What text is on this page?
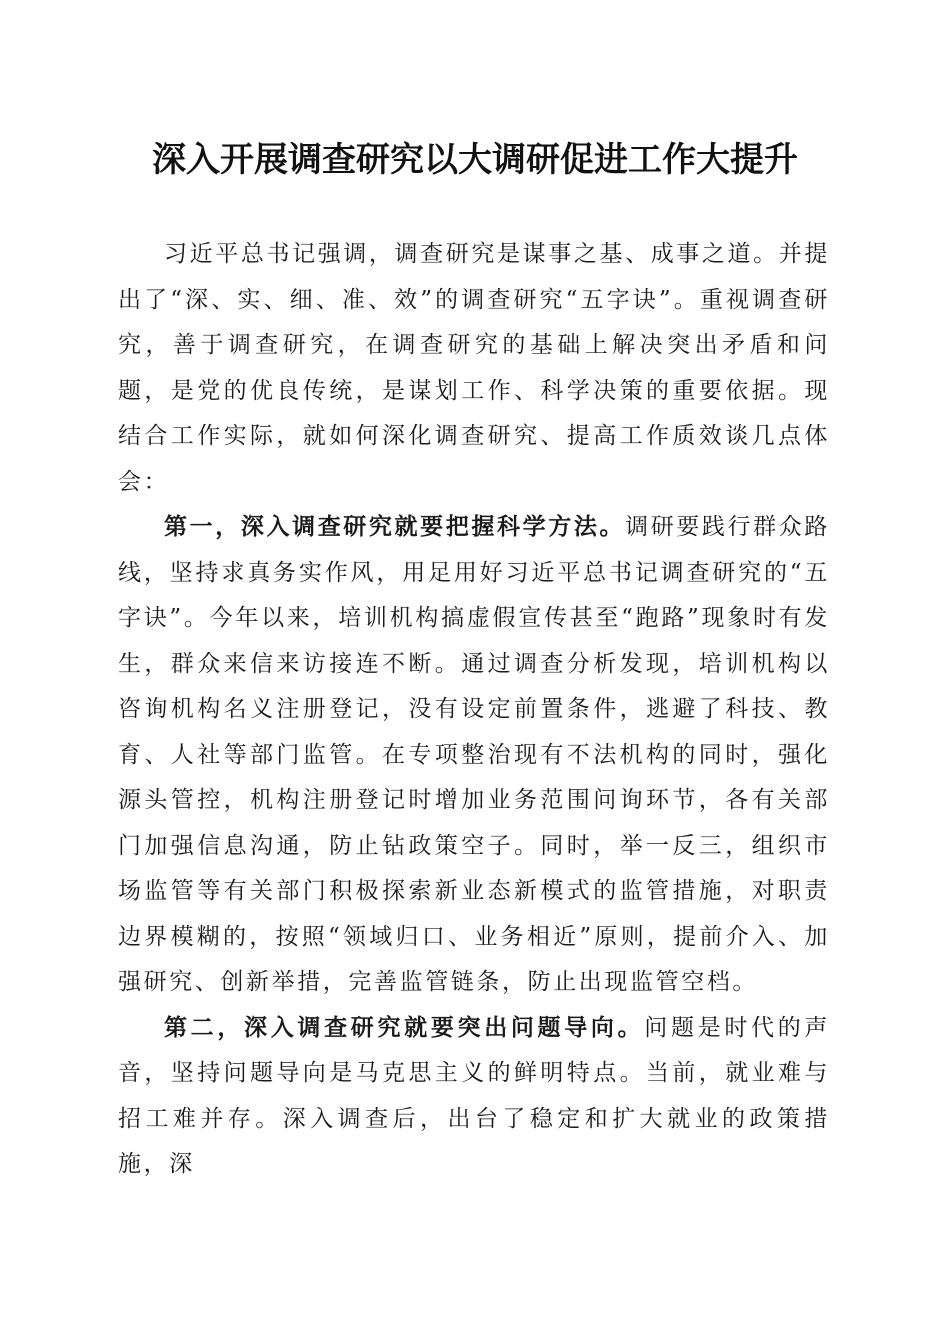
深入开展调查研究以大调研促进工作大提升

习近平总书记强调，调查研究是谋事之基、成事之道。并提出了“深、实、细、准、效”的调查研究“五字诀”。重视调查研究，善于调查研究，在调查研究的基础上解决突出矛盾和问题，是党的优良传统，是谋划工作、科学决策的重要依据。现结合工作实际，就如何深化调查研究、提高工作质效谈几点体会：

第一，深入调查研究就要把握科学方法。调研要践行群众路线，坚持求真务实作风，用足用好习近平总书记调查研究的“五字诀”。今年以来，培训机构搞虚假宣传甚至“跑路”现象时有发生，群众来信来访接连不断。通过调查分析发现，培训机构以咨询机构名义注册登记，没有设定前置条件，逃避了科技、教育、人社等部门监管。在专项整治现有不法机构的同时，强化源头管控，机构注册登记时增加业务范围问询环节，各有关部门加强信息沟通，防止钻政策空子。同时，举一反三，组织市场监管等有关部门积极探索新业态新模式的监管措施，对职责边界模糊的，按照“领域归口、业务相近”原则，提前介入、加强研究、创新举措，完善监管链条，防止出现监管空档。

第二，深入调查研究就要突出问题导向。问题是时代的声音，坚持问题导向是马克思主义的鲜明特点。当前，就业难与招工难并存。深入调查后，出台了稳定和扩大就业的政策措施，深
